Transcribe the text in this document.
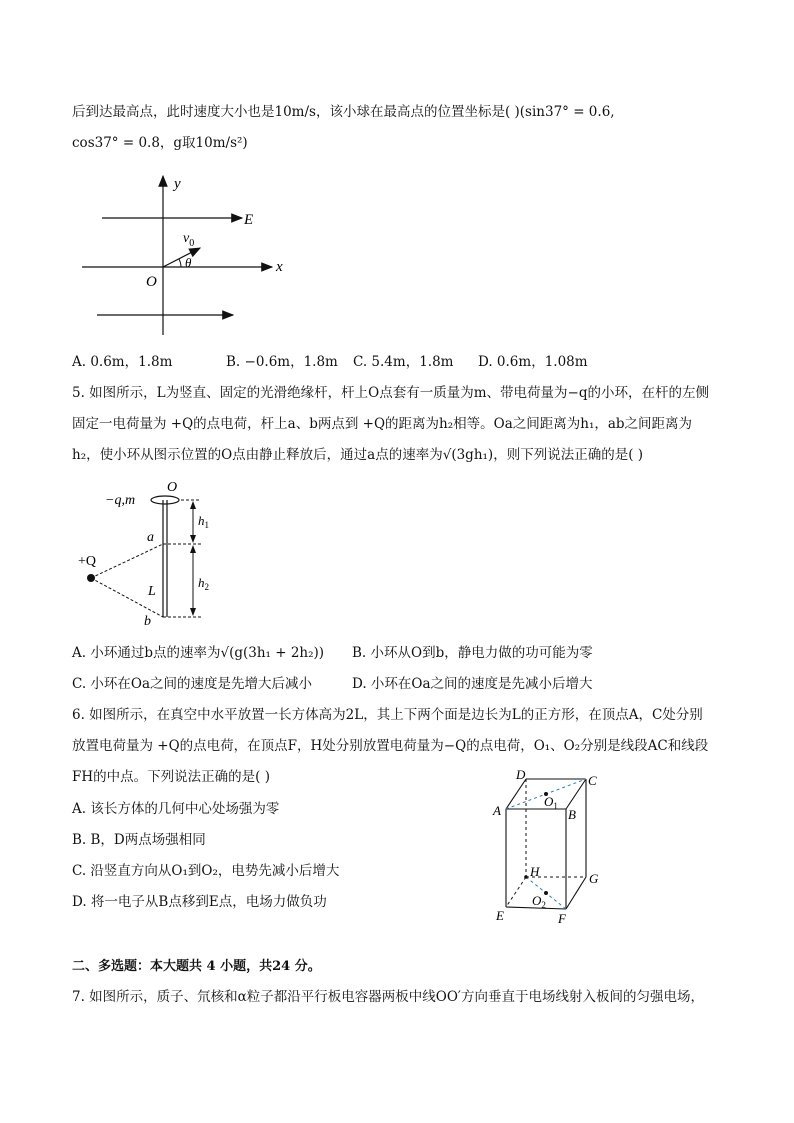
后到达最高点，此时速度大小也是10m/s，该小球在最高点的位置坐标是( )(sin37° = 0.6,
cos37° = 0.8，g取10m/s²)
y
x
E
O
$v_0$
θ
A. 0.6m，1.8m	B. −0.6m，1.8m C. 5.4m，1.8m D. 0.6m，1.08m
5. 如图所示，L为竖直、固定的光滑绝缘杆，杆上O点套有一质量为m、带电荷量为−q的小环，在杆的左侧
固定一电荷量为 +Q的点电荷，杆上a、b两点到 +Q的距离为h₂相等。Oa之间距离为h₁，ab之间距离为
h₂，使小环从图示位置的O点由静止释放后，通过a点的速率为√(3gh₁)，则下列说法正确的是( )
O
−q,m
a
b
$h_1$
$h_2$
+Q
L
A. 小环通过b点的速率为√(g(3h₁ + 2h₂)) B. 小环从O到b，静电力做的功可能为零
C. 小环在Oa之间的速度是先增大后减小	D. 小环在Oa之间的速度是先减小后增大
6. 如图所示，在真空中水平放置一长方体高为2L，其上下两个面是边长为L的正方形，在顶点A，C处分别
放置电荷量为 +Q的点电荷，在顶点F，H处分别放置电荷量为−Q的点电荷，O₁、O₂分别是线段AC和线段
FH的中点。下列说法正确的是( )
A. 该长方体的几何中心处场强为零
B. B，D两点场强相同
C. 沿竖直方向从O₁到O₂，电势先减小后增大
D. 将一电子从B点移到E点，电场力做负功
D	C
A	B
$O_1$
H	G
$O_2$
E	F
二、多选题：本大题共 4 小题，共24 分。
7. 如图所示，质子、氘核和α粒子都沿平行板电容器两板中线OO′方向垂直于电场线射入板间的匀强电场，
